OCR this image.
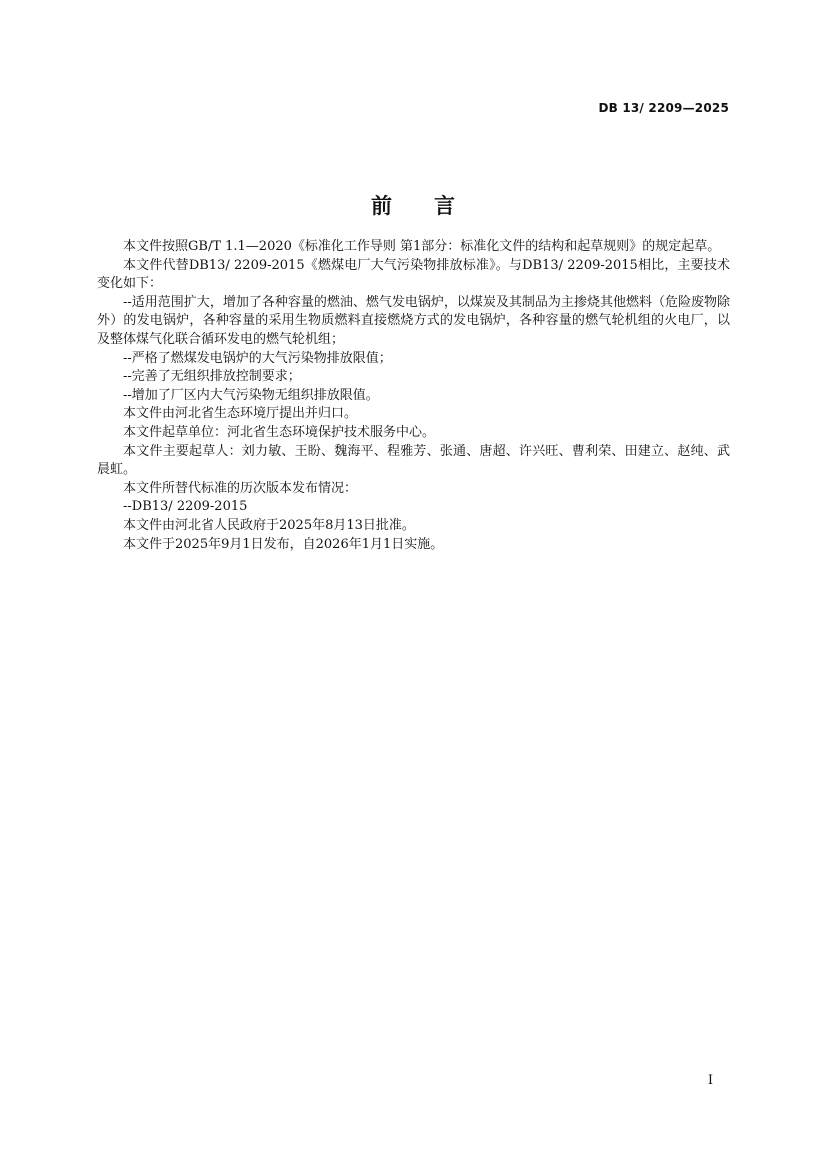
DB 13/ 2209—2025
前 言

本文件按照GB/T 1.1—2020《标准化工作导则 第1部分：标准化文件的结构和起草规则》的规定起草。

本文件代替DB13/ 2209-2015《燃煤电厂大气污染物排放标准》。与DB13/ 2209-2015相比，主要技术变化如下：

--适用范围扩大，增加了各种容量的燃油、燃气发电锅炉，以煤炭及其制品为主掺烧其他燃料（危险废物除外）的发电锅炉，各种容量的采用生物质燃料直接燃烧方式的发电锅炉，各种容量的燃气轮机组的火电厂，以及整体煤气化联合循环发电的燃气轮机组；

--严格了燃煤发电锅炉的大气污染物排放限值；

--完善了无组织排放控制要求；

--增加了厂区内大气污染物无组织排放限值。

本文件由河北省生态环境厅提出并归口。

本文件起草单位：河北省生态环境保护技术服务中心。

本文件主要起草人：刘力敏、王盼、魏海平、程雅芳、张通、唐超、许兴旺、曹利荣、田建立、赵纯、武晨虹。

本文件所替代标准的历次版本发布情况：

--DB13/ 2209-2015

本文件由河北省人民政府于2025年8月13日批准。

本文件于2025年9月1日发布，自2026年1月1日实施。

I
